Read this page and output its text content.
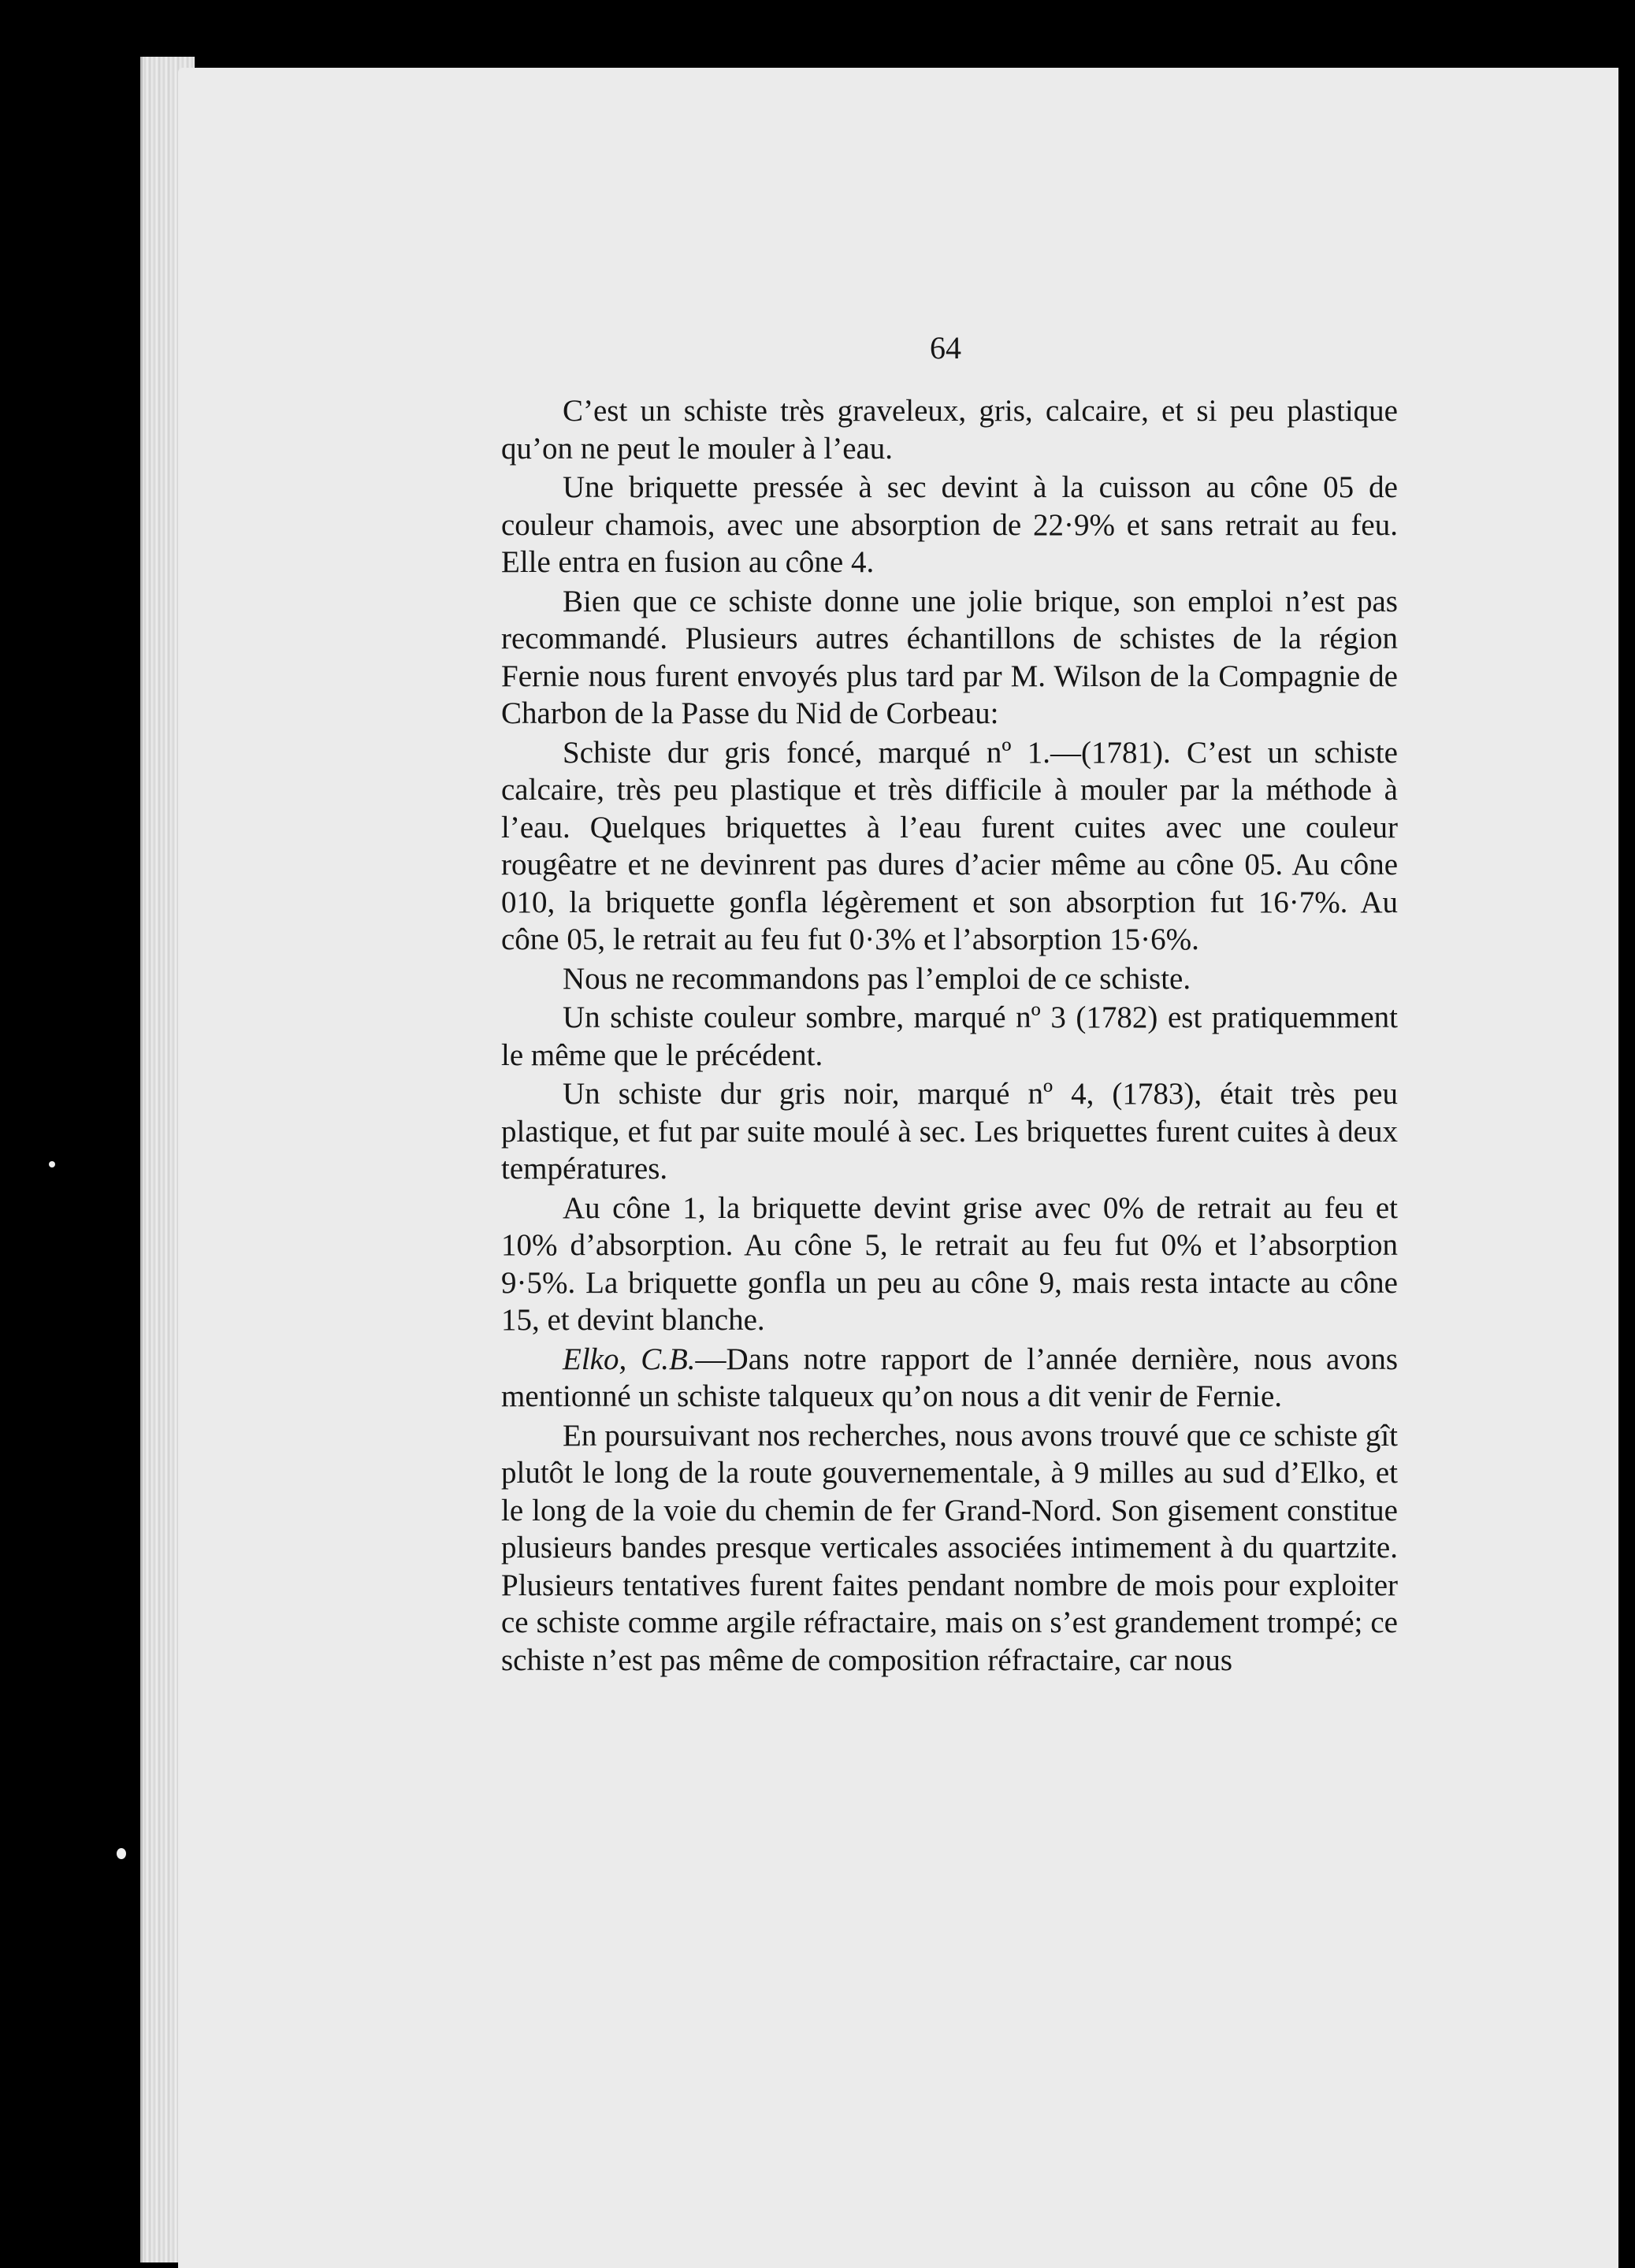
64

C’est un schiste très graveleux, gris, calcaire, et si peu plastique qu’on ne peut le mouler à l’eau.

Une briquette pressée à sec devint à la cuisson au cône 05 de couleur chamois, avec une absorption de 22·9% et sans retrait au feu. Elle entra en fusion au cône 4.

Bien que ce schiste donne une jolie brique, son emploi n’est pas recommandé. Plusieurs autres échantillons de schistes de la région Fernie nous furent envoyés plus tard par M. Wilson de la Compagnie de Charbon de la Passe du Nid de Corbeau:

Schiste dur gris foncé, marqué nº 1.—(1781). C’est un schiste calcaire, très peu plastique et très difficile à mouler par la méthode à l’eau. Quelques briquettes à l’eau furent cuites avec une couleur rougêatre et ne devinrent pas dures d’acier même au cône 05. Au cône 010, la briquette gonfla légèrement et son absorption fut 16·7%. Au cône 05, le retrait au feu fut 0·3% et l’absorption 15·6%.

Nous ne recommandons pas l’emploi de ce schiste.

Un schiste couleur sombre, marqué nº 3 (1782) est pratiquemment le même que le précédent.

Un schiste dur gris noir, marqué nº 4, (1783), était très peu plastique, et fut par suite moulé à sec. Les briquettes furent cuites à deux températures.

Au cône 1, la briquette devint grise avec 0% de retrait au feu et 10% d’absorption. Au cône 5, le retrait au feu fut 0% et l’absorption 9·5%. La briquette gonfla un peu au cône 9, mais resta intacte au cône 15, et devint blanche.

Elko, C.B.—Dans notre rapport de l’année dernière, nous avons mentionné un schiste talqueux qu’on nous a dit venir de Fernie.

En poursuivant nos recherches, nous avons trouvé que ce schiste gît plutôt le long de la route gouvernementale, à 9 milles au sud d’Elko, et le long de la voie du chemin de fer Grand-Nord. Son gisement constitue plusieurs bandes presque verticales associées intimement à du quartzite. Plusieurs tentatives furent faites pendant nombre de mois pour exploiter ce schiste comme argile réfractaire, mais on s’est grandement trompé; ce schiste n’est pas même de composition réfractaire, car nous
